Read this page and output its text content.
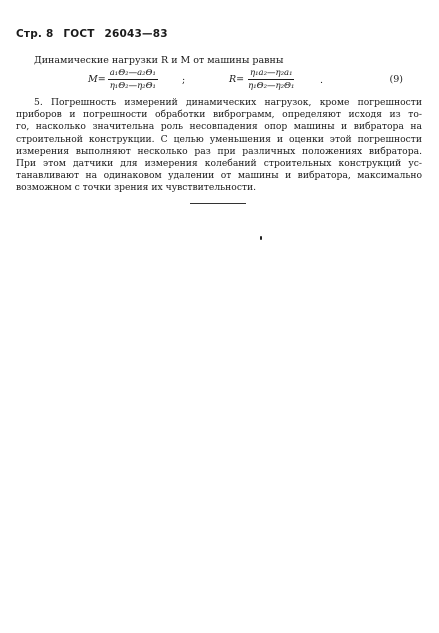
Стр. 8 ГОСТ 26043—83
Динамические нагрузки R и M от машины равны
$M= \frac{\text{a₁Θ₂—a₂Θ₁}}{\text{η₁Θ₂—η₂Θ₁}}$	;	$R= \frac{\text{η₁a₂—η₂a₁}}{\text{η₁Θ₂—η₂Θ₁}}$ .	(9)
5. Погрешность измерений динамических нагрузок, кроме погрешности
приборов и погрешности обработки виброграмм, определяют исходя из то-
го, насколько значительна роль несовпадения опор машины и вибратора на
строительной конструкции. С целью уменьшения и оценки этой погрешности
измерения выполняют несколько раз при различных положениях вибратора.
При этом датчики для измерения колебаний строительных конструкций ус-
танавливают на одинаковом удалении от машины и вибратора, максимально
возможном с точки зрения их чувствительности.
